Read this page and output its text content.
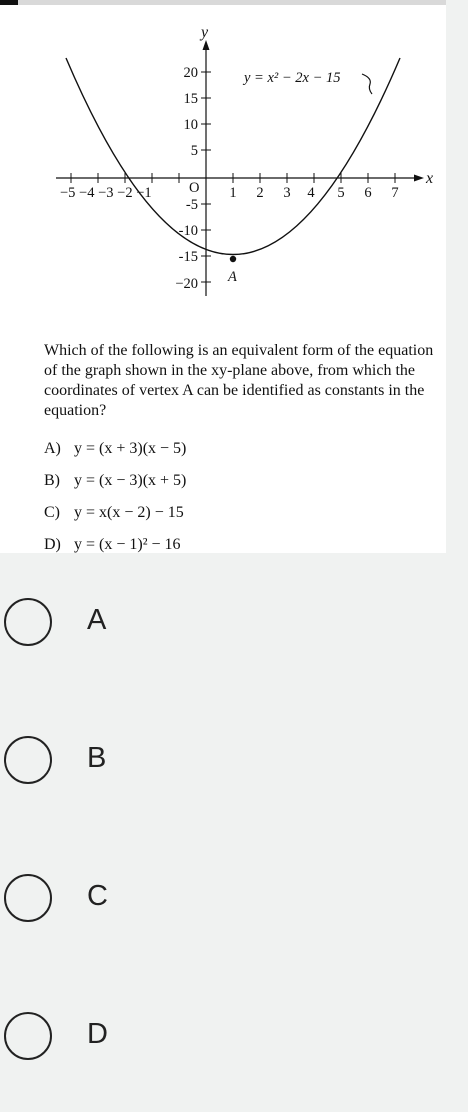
y
x
20
15
10
5
-5
-10
-15
−20
O
−5 −4 −3 −2 −1	1 2 3 4 5 6 7
y = x² − 2x − 15
A
Which of the following is an equivalent form of the equation of the graph shown in the xy-plane above, from which the coordinates of vertex A can be identified as constants in the equation?
A) y = (x + 3)(x − 5)
B) y = (x − 3)(x + 5)
C) y = x(x − 2) − 15
D) y = (x − 1)² − 16
A
B
C
D
